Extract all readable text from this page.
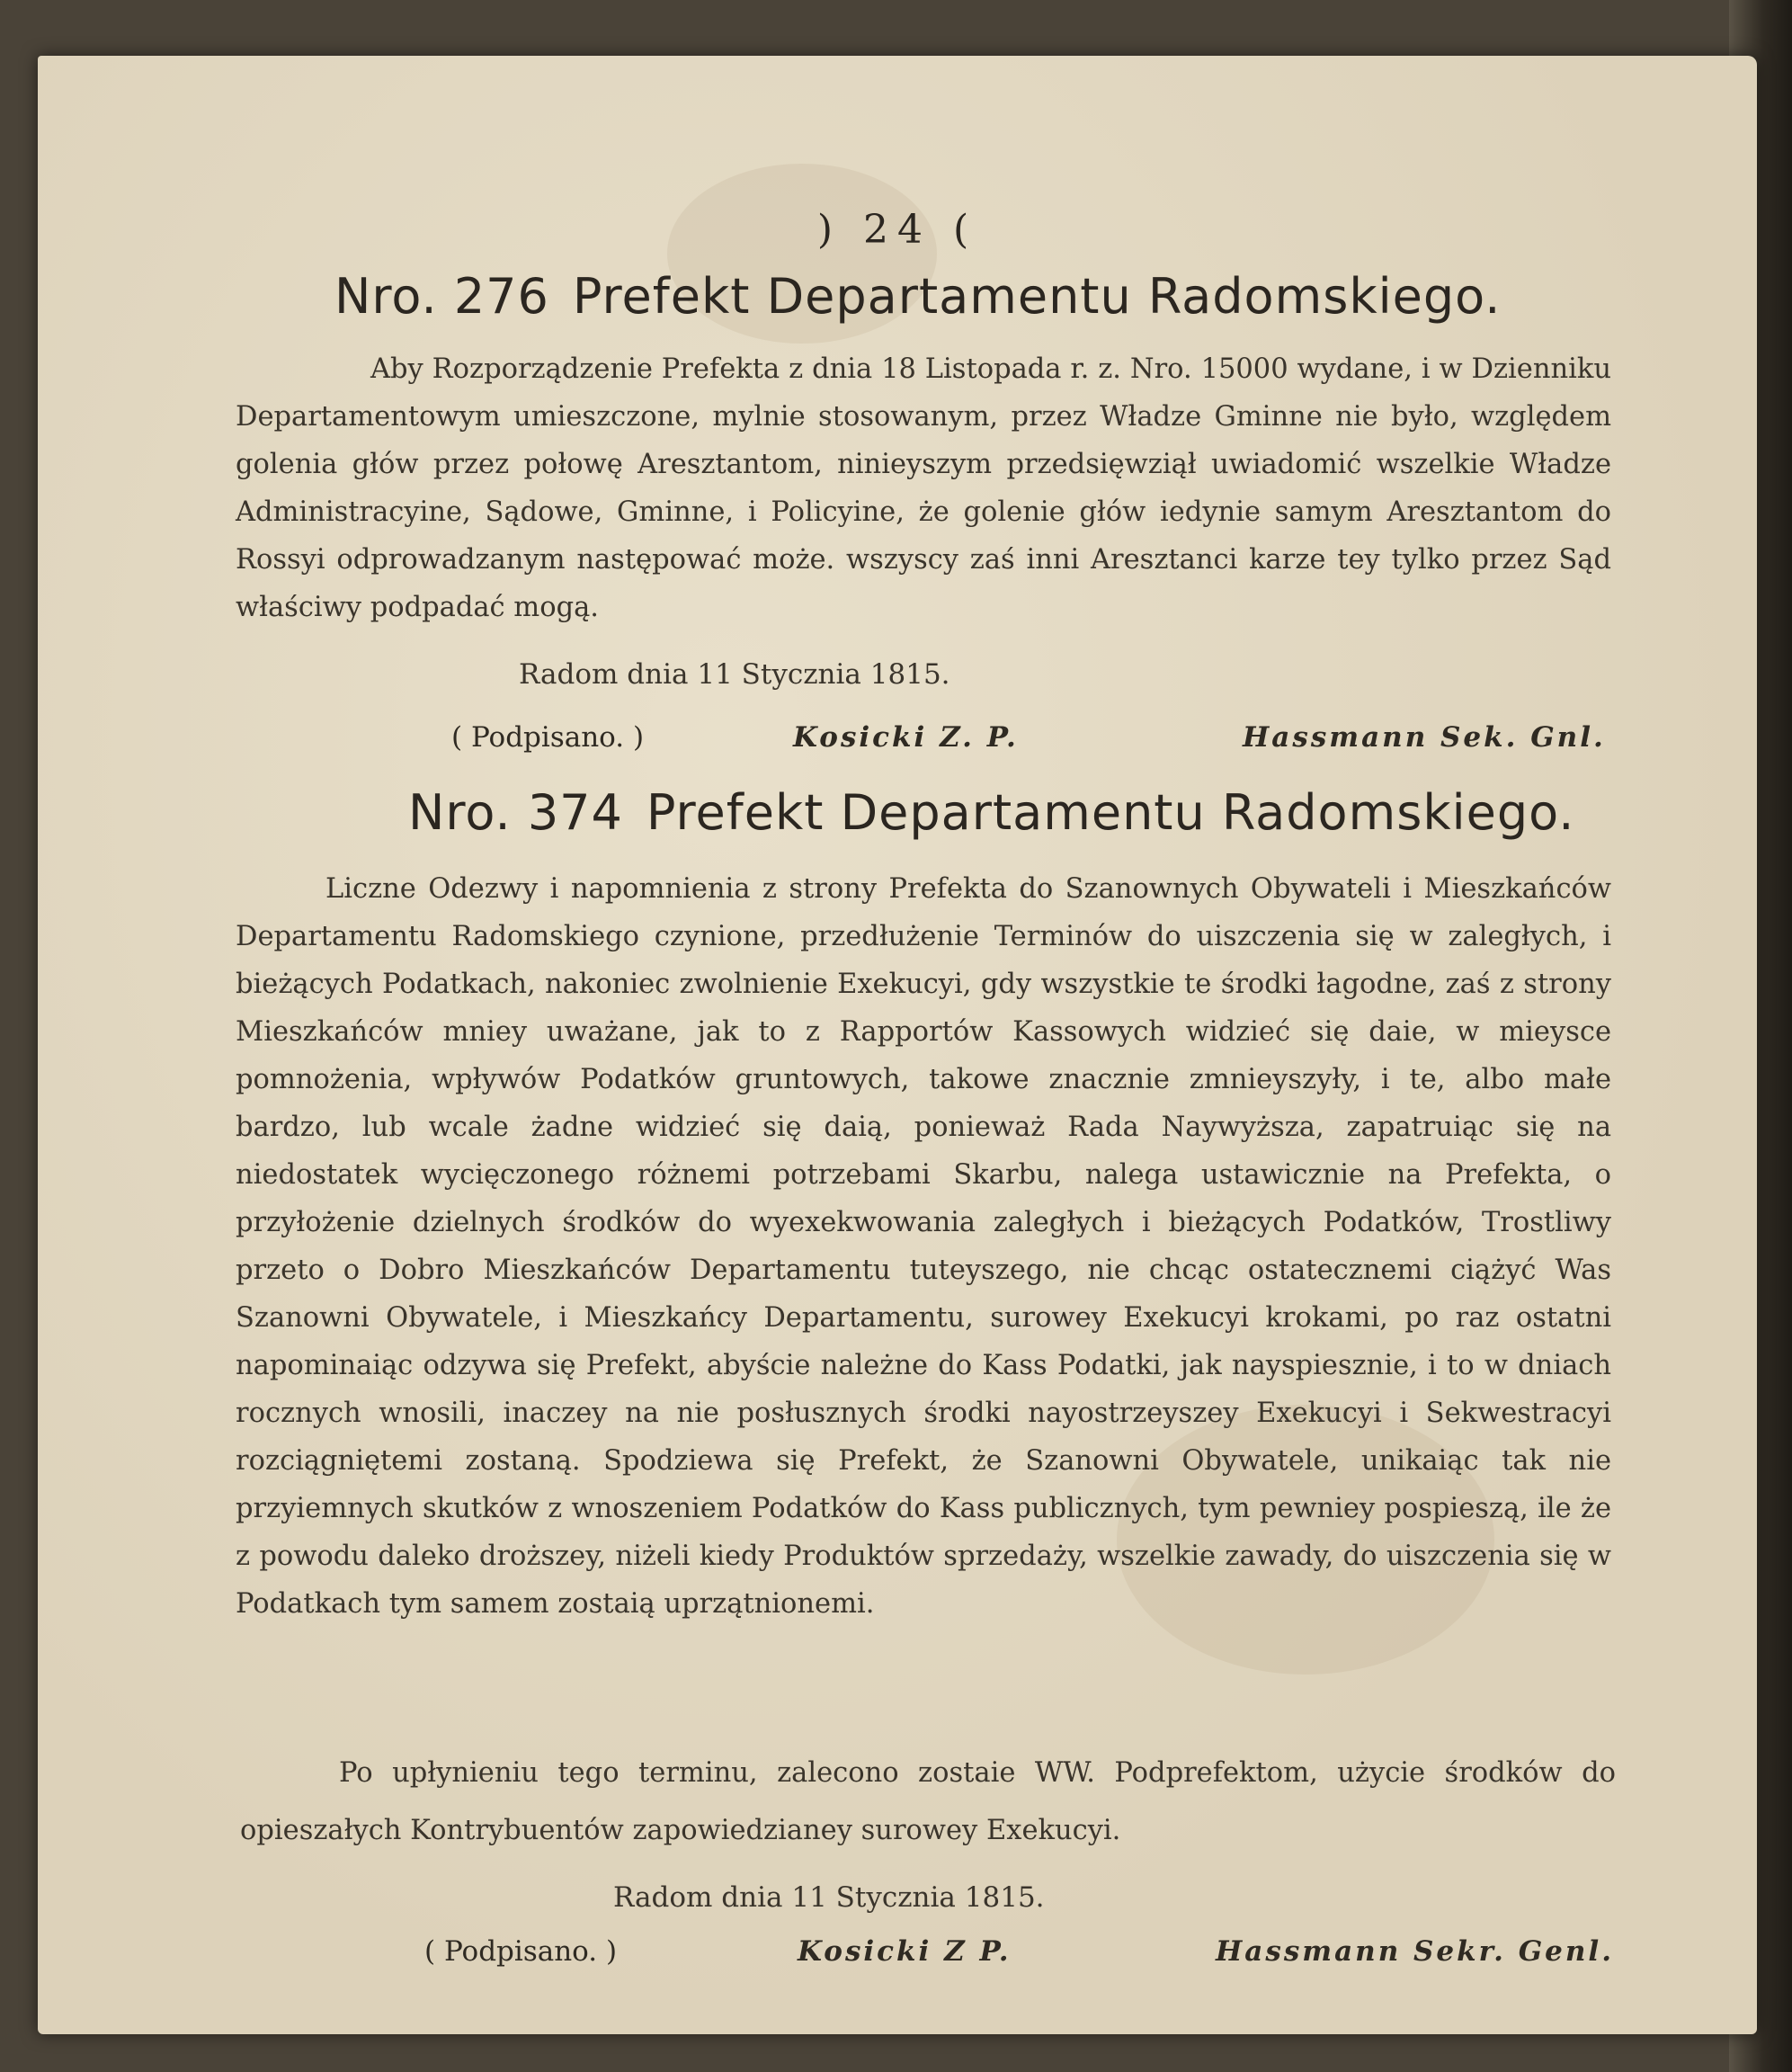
) 24 (
Nro. 276 Prefekt Departamentu Radomskiego.
Aby Rozporządzenie Prefekta z dnia 18 Listopada r. z. Nro. 15000 wydane, i w Dzienniku Departamentowym umieszczone, mylnie stosowanym, przez Władze Gminne nie było, względem golenia głów przez połowę Aresztantom, ninieyszym przedsięwziął uwiadomić wszelkie Władze Administracyine, Sądowe, Gminne, i Policyine, że golenie głów iedynie samym Aresztantom do Rossyi odprowadzanym następować może. wszyscy zaś inni Aresztanci karze tey tylko przez Sąd właściwy podpadać mogą.
Radom dnia 11 Stycznia 1815.
( Podpisano. )	Kosicki Z. P.	Hassmann Sek. Gnl.
Nro. 374 Prefekt Departamentu Radomskiego.
Liczne Odezwy i napomnienia z strony Prefekta do Szanownych Obywateli i Mieszkańców Departamentu Radomskiego czynione, przedłużenie Terminów do uiszczenia się w zaległych, i bieżących Podatkach, nakoniec zwolnienie Exekucyi, gdy wszystkie te środki łagodne, zaś z strony Mieszkańców mniey uważane, jak to z Rapportów Kassowych widzieć się daie, w mieysce pomnożenia, wpływów Podatków gruntowych, takowe znacznie zmnieyszyły, i te, albo małe bardzo, lub wcale żadne widzieć się daią, ponieważ Rada Naywyższa, zapatruiąc się na niedostatek wycięczonego różnemi potrzebami Skarbu, nalega ustawicznie na Prefekta, o przyłożenie dzielnych środków do wyexekwowania zaległych i bieżących Podatków, Trostliwy przeto o Dobro Mieszkańców Departamentu tuteyszego, nie chcąc ostatecznemi ciążyć Was Szanowni Obywatele, i Mieszkańcy Departamentu, surowey Exekucyi krokami, po raz ostatni napominaiąc odzywa się Prefekt, abyście należne do Kass Podatki, jak nayspiesznie, i to w dniach rocznych wnosili, inaczey na nie posłusznych środki nayostrzeyszey Exekucyi i Sekwestracyi rozciągniętemi zostaną. Spodziewa się Prefekt, że Szanowni Obywatele, unikaiąc tak nie przyiemnych skutków z wnoszeniem Podatków do Kass publicznych, tym pewniey pospieszą, ile że z powodu daleko droższey, niżeli kiedy Produktów sprzedaży, wszelkie zawady, do uiszczenia się w Podatkach tym samem zostaią uprzątnionemi.
Po upłynieniu tego terminu, zalecono zostaie WW. Podprefektom, użycie środków do opieszałych Kontrybuentów zapowiedzianey surowey Exekucyi.
Radom dnia 11 Stycznia 1815.
( Podpisano. )	Kosicki Z P.	Hassmann Sekr. Genl.
